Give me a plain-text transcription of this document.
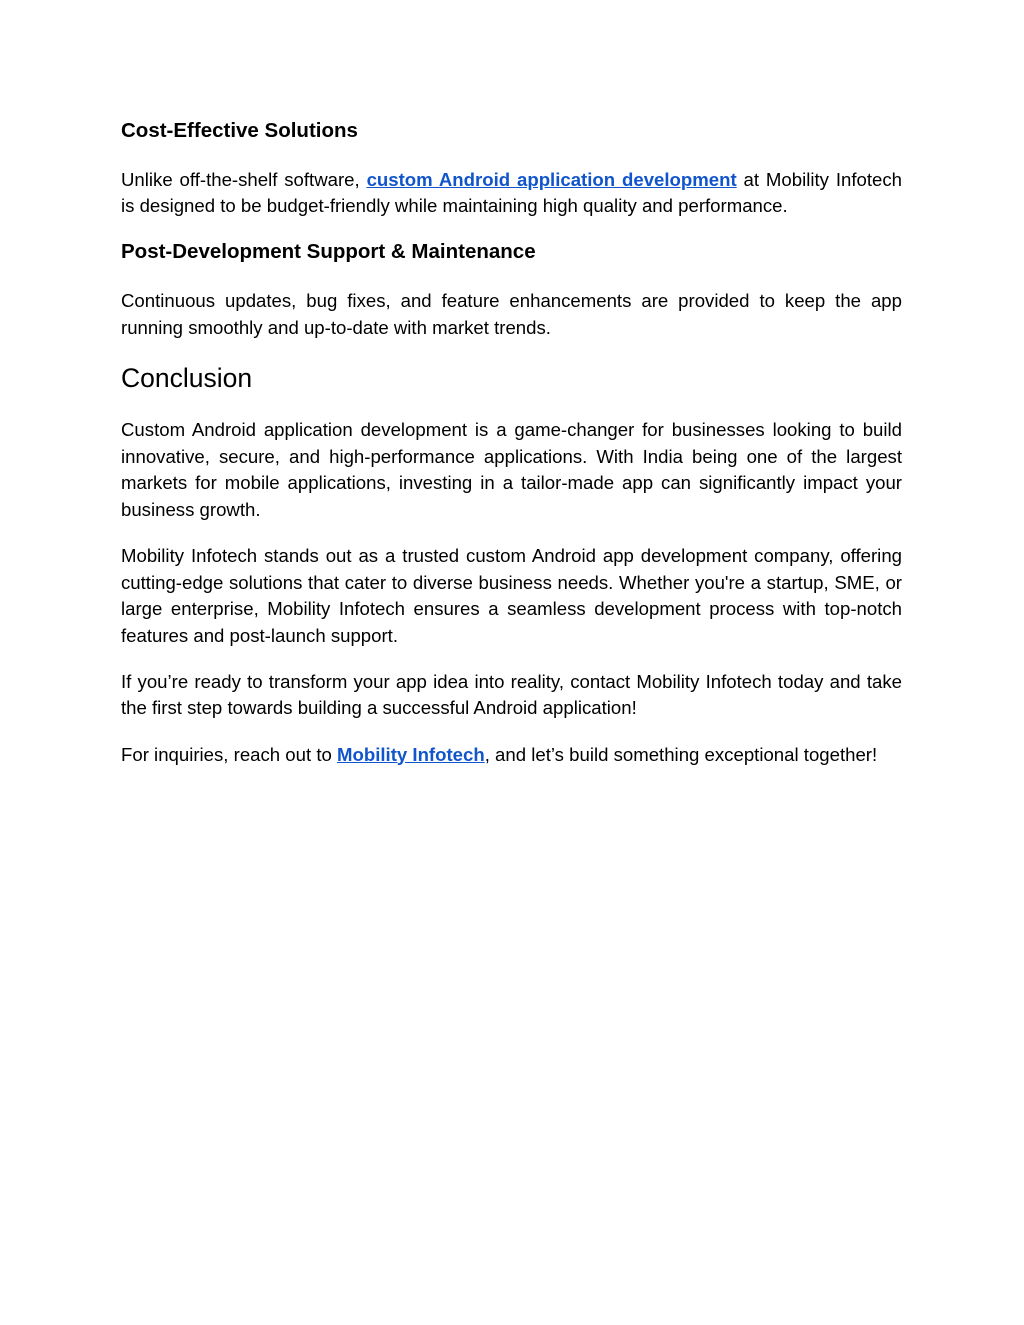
Cost-Effective Solutions

Unlike off-the-shelf software, custom Android application development at Mobility Infotech is designed to be budget-friendly while maintaining high quality and performance.

Post-Development Support & Maintenance

Continuous updates, bug fixes, and feature enhancements are provided to keep the app running smoothly and up-to-date with market trends.

Conclusion

Custom Android application development is a game-changer for businesses looking to build innovative, secure, and high-performance applications. With India being one of the largest markets for mobile applications, investing in a tailor-made app can significantly impact your business growth.

Mobility Infotech stands out as a trusted custom Android app development company, offering cutting-edge solutions that cater to diverse business needs. Whether you're a startup, SME, or large enterprise, Mobility Infotech ensures a seamless development process with top-notch features and post-launch support.

If you’re ready to transform your app idea into reality, contact Mobility Infotech today and take the first step towards building a successful Android application!

For inquiries, reach out to Mobility Infotech, and let’s build something exceptional together!
